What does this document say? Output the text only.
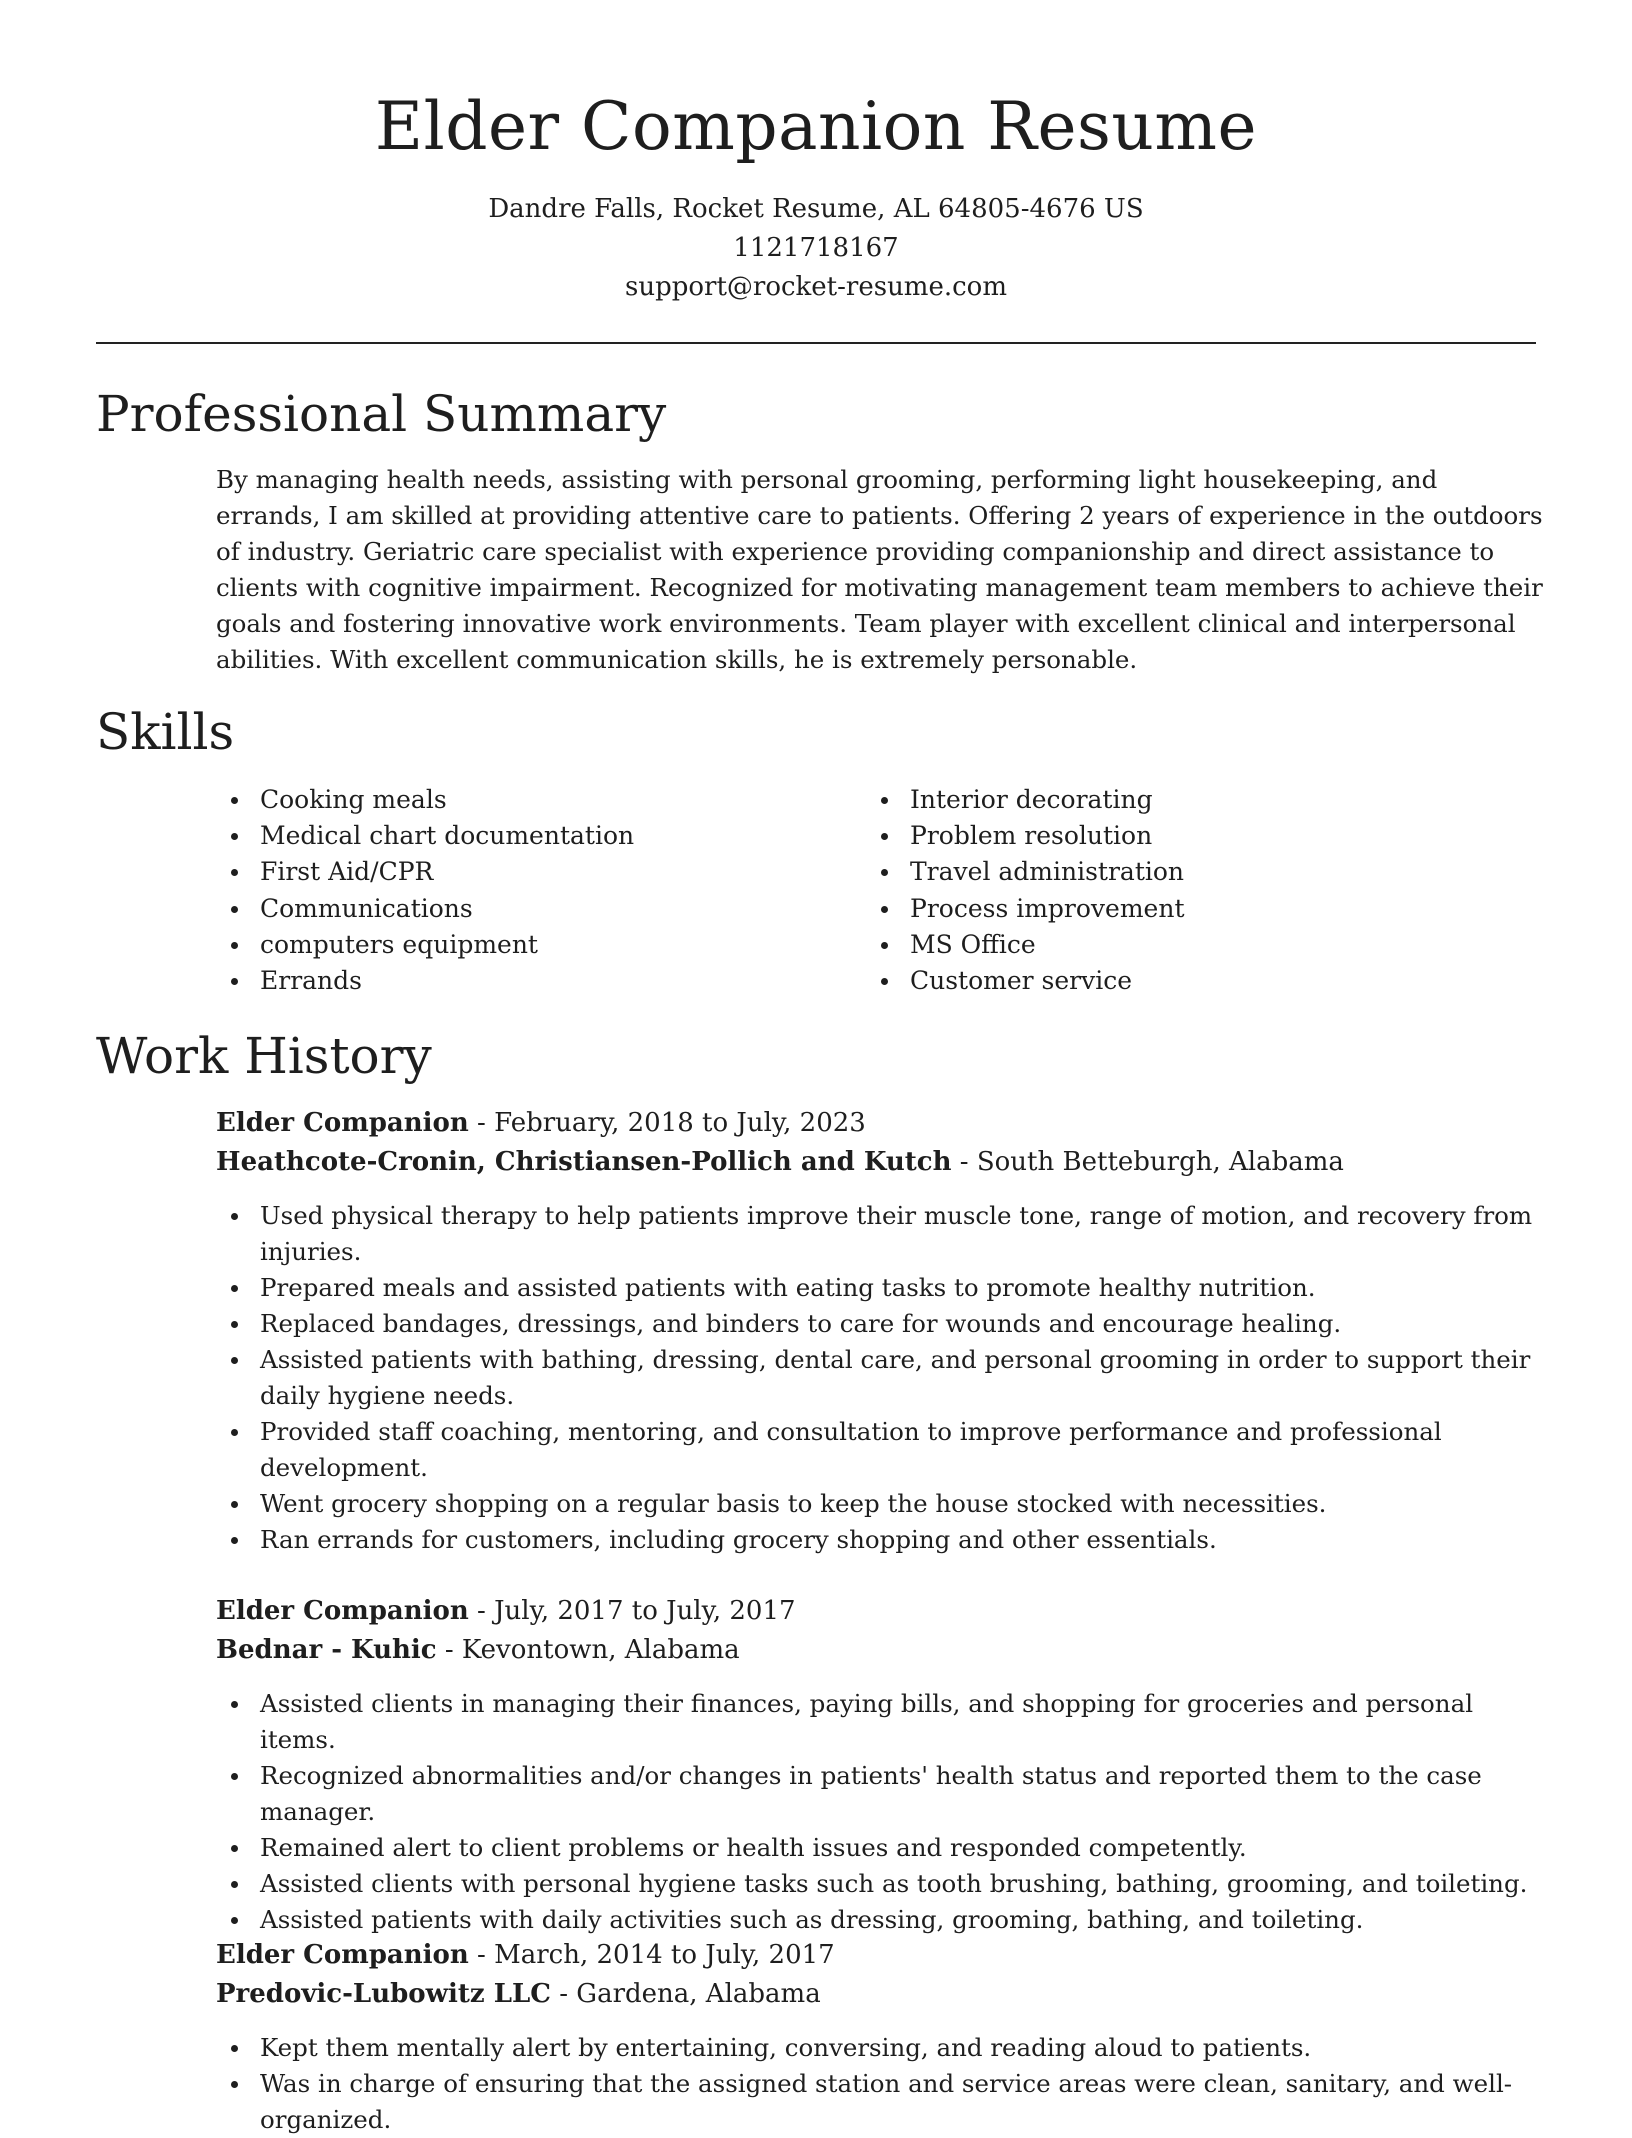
Elder Companion Resume
Dandre Falls, Rocket Resume, AL 64805-4676 US
1121718167
support@rocket-resume.com
Professional Summary

By managing health needs, assisting with personal grooming, performing light housekeeping, and errands, I am skilled at providing attentive care to patients. Offering 2 years of experience in the outdoors of industry. Geriatric care specialist with experience providing companionship and direct assistance to clients with cognitive impairment. Recognized for motivating management team members to achieve their goals and fostering innovative work environments. Team player with excellent clinical and interpersonal abilities. With excellent communication skills, he is extremely personable.

Skills
Cooking meals
Medical chart documentation
First Aid/CPR
Communications
computers equipment
Errands
Interior decorating
Problem resolution
Travel administration
Process improvement
MS Office
Customer service
Work History
Elder Companion - February, 2018 to July, 2023
Heathcote-Cronin, Christiansen-Pollich and Kutch - South Betteburgh, Alabama
Used physical therapy to help patients improve their muscle tone, range of motion, and recovery from injuries.
Prepared meals and assisted patients with eating tasks to promote healthy nutrition.
Replaced bandages, dressings, and binders to care for wounds and encourage healing.
Assisted patients with bathing, dressing, dental care, and personal grooming in order to support their daily hygiene needs.
Provided staff coaching, mentoring, and consultation to improve performance and professional development.
Went grocery shopping on a regular basis to keep the house stocked with necessities.
Ran errands for customers, including grocery shopping and other essentials.
Elder Companion - July, 2017 to July, 2017
Bednar - Kuhic - Kevontown, Alabama
Assisted clients in managing their finances, paying bills, and shopping for groceries and personal items.
Recognized abnormalities and/or changes in patients' health status and reported them to the case manager.
Remained alert to client problems or health issues and responded competently.
Assisted clients with personal hygiene tasks such as tooth brushing, bathing, grooming, and toileting.
Assisted patients with daily activities such as dressing, grooming, bathing, and toileting.
Elder Companion - March, 2014 to July, 2017
Predovic-Lubowitz LLC - Gardena, Alabama
Kept them mentally alert by entertaining, conversing, and reading aloud to patients.
Was in charge of ensuring that the assigned station and service areas were clean, sanitary, and well-organized.
